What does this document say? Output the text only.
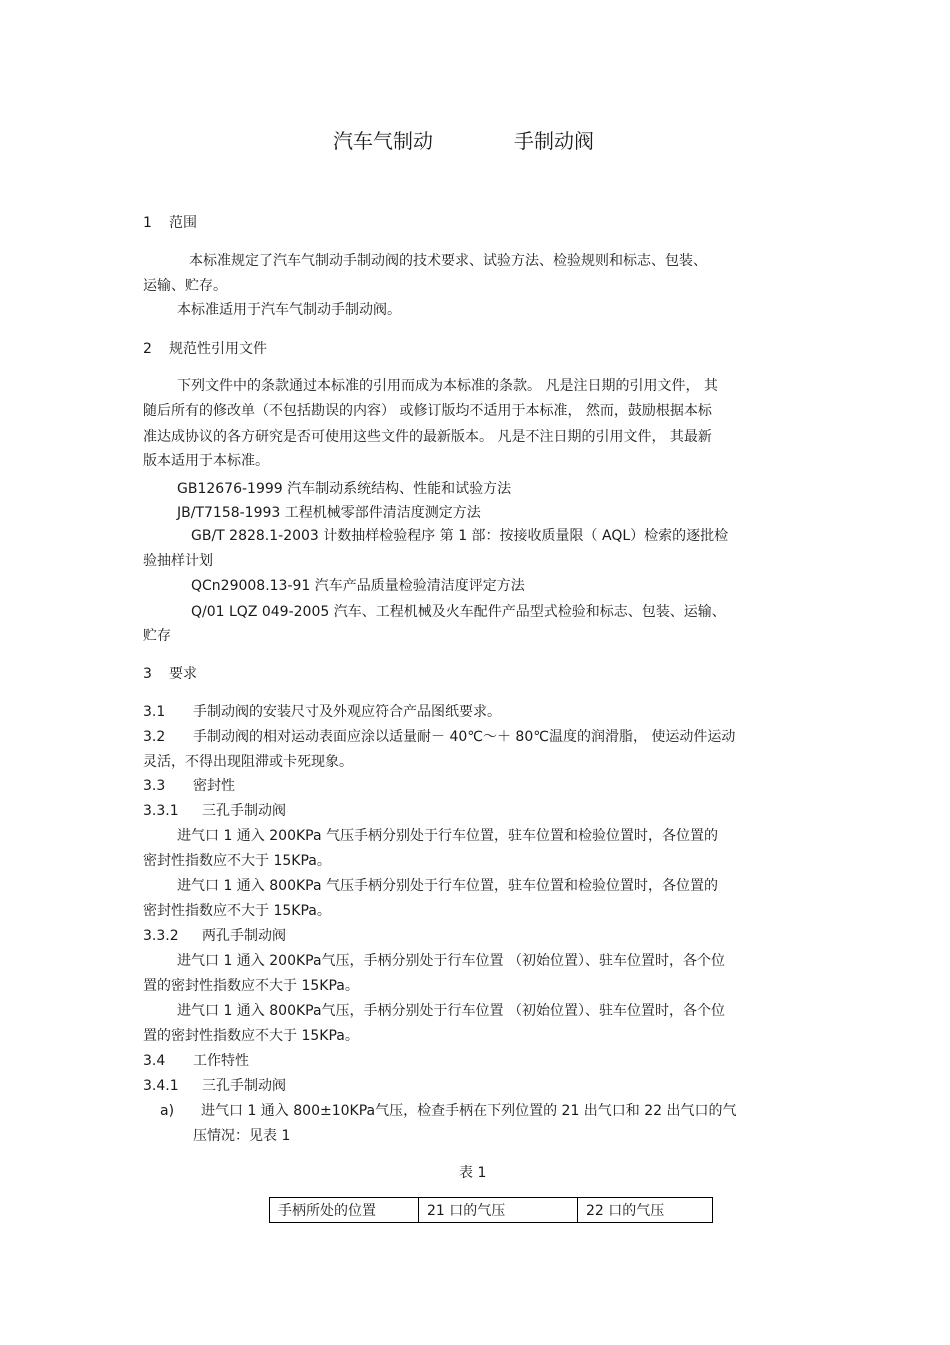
汽车气制动	手制动阀
1 范围
本标准规定了汽车气制动手制动阀的技术要求、试验方法、检验规则和标志、包装、
运输、贮存。
本标准适用于汽车气制动手制动阀。
2 规范性引用文件
下列文件中的条款通过本标准的引用而成为本标准的条款。 凡是注日期的引用文件， 其
随后所有的修改单（不包括勘误的内容） 或修订版均不适用于本标准， 然而，鼓励根据本标
准达成协议的各方研究是否可使用这些文件的最新版本。 凡是不注日期的引用文件， 其最新
版本适用于本标准。
GB12676-1999 汽车制动系统结构、性能和试验方法
JB/T7158-1993 工程机械零部件清洁度测定方法
GB/T 2828.1-2003 计数抽样检验程序 第 1 部：按接收质量限（ AQL）检索的逐批检
验抽样计划
QCn29008.13-91 汽车产品质量检验清洁度评定方法
Q/01 LQZ 049-2005 汽车、工程机械及火车配件产品型式检验和标志、包装、运输、
贮存
3 要求
3.1 手制动阀的安装尺寸及外观应符合产品图纸要求。
3.2 手制动阀的相对运动表面应涂以适量耐－ 40℃～＋ 80℃温度的润滑脂， 使运动件运动
灵活，不得出现阻滞或卡死现象。
3.3 密封性
3.3.1 三孔手制动阀
进气口 1 通入 200KPa 气压手柄分别处于行车位置，驻车位置和检验位置时，各位置的
密封性指数应不大于 15KPa。
进气口 1 通入 800KPa 气压手柄分别处于行车位置，驻车位置和检验位置时，各位置的
密封性指数应不大于 15KPa。
3.3.2 两孔手制动阀
进气口 1 通入 200KPa气压，手柄分别处于行车位置 （初始位置）、驻车位置时，各个位
置的密封性指数应不大于 15KPa。
进气口 1 通入 800KPa气压，手柄分别处于行车位置 （初始位置）、驻车位置时，各个位
置的密封性指数应不大于 15KPa。
3.4 工作特性
3.4.1 三孔手制动阀
a) 进气口 1 通入 800±10KPa气压，检查手柄在下列位置的 21 出气口和 22 出气口的气
压情况：见表 1
表 1
手柄所处的位置	21 口的气压	22 口的气压
